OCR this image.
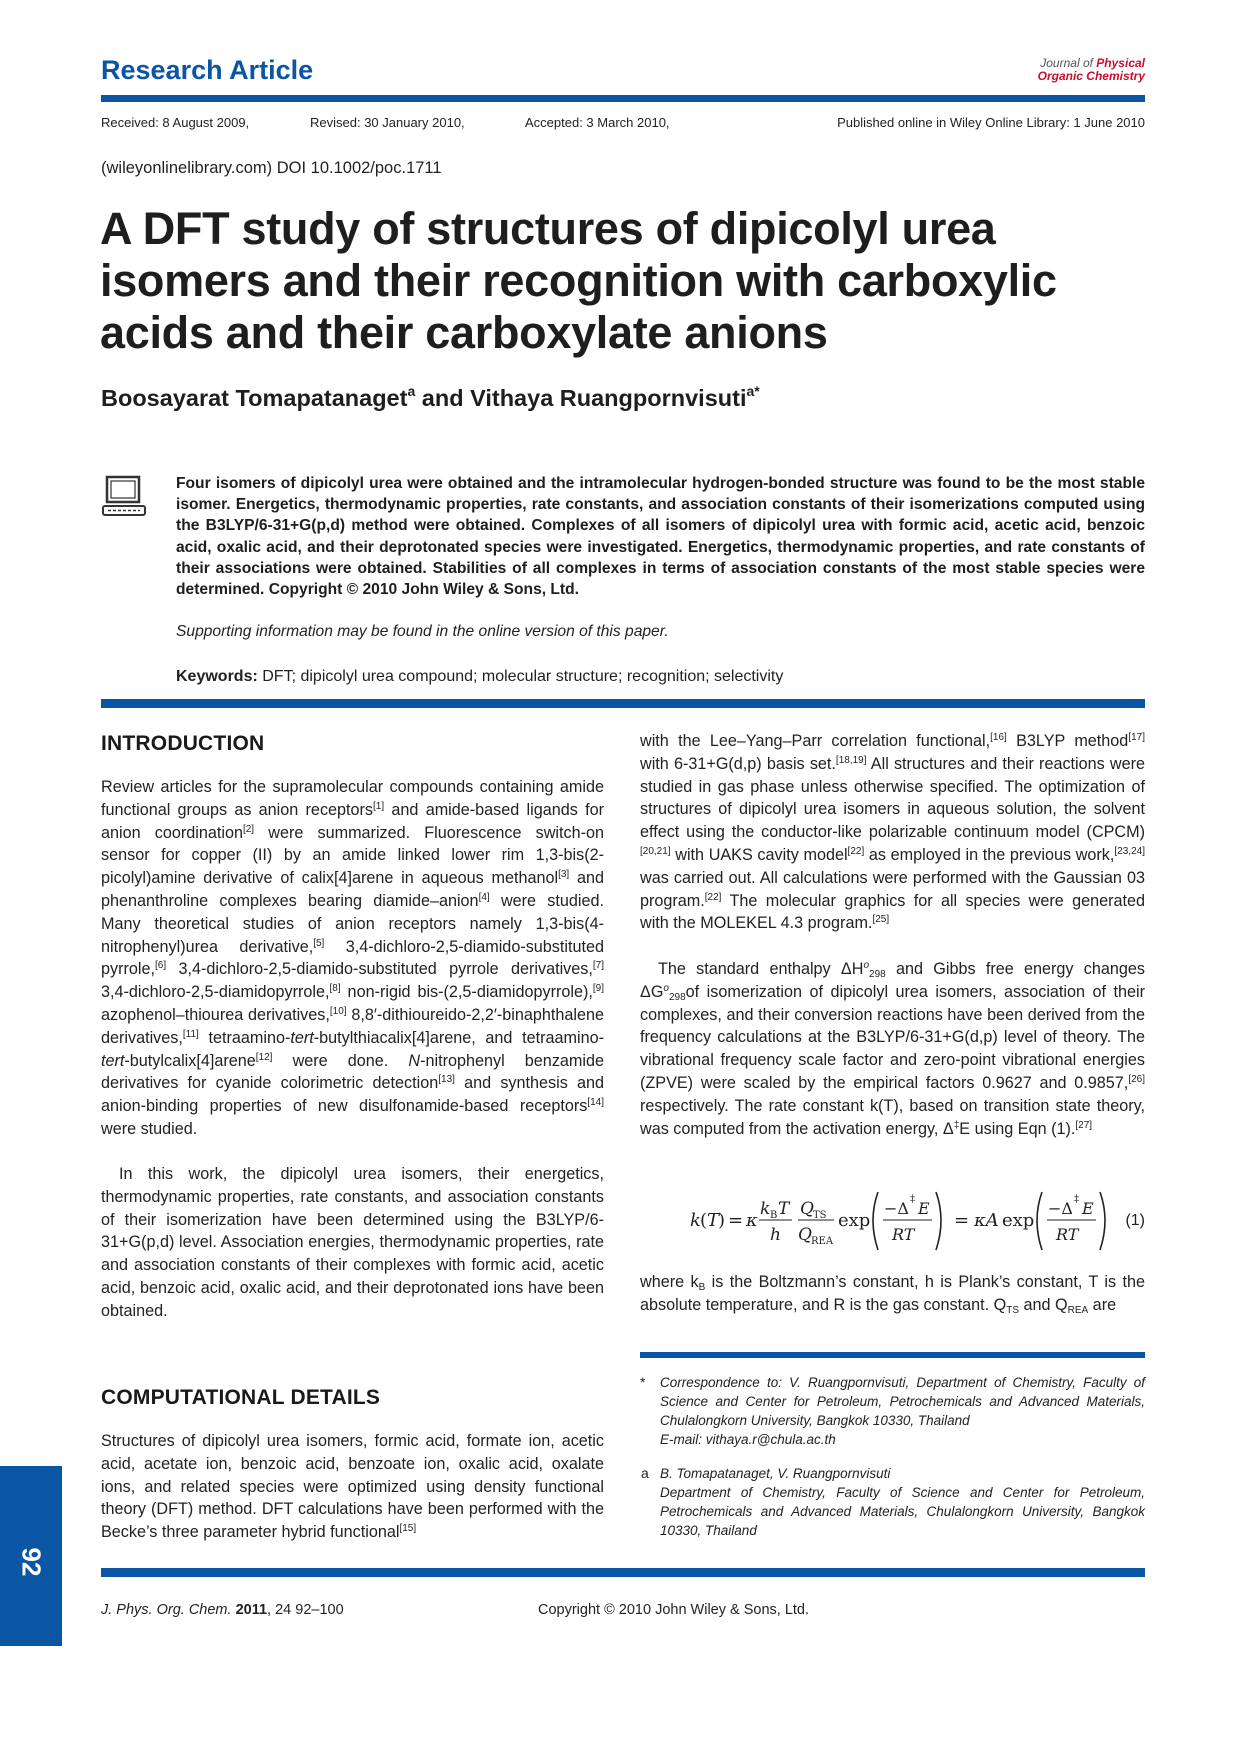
Research Article	Journal of Physical
Organic Chemistry
Received: 8 August 2009,	Revised: 30 January 2010,	Accepted: 3 March 2010,	Published online in Wiley Online Library: 1 June 2010
(wileyonlinelibrary.com) DOI 10.1002/poc.1711
A DFT study of structures of dipicolyl urea
isomers and their recognition with carboxylic
acids and their carboxylate anions
Boosayarat Tomapatanaget$^a$ and Vithaya Ruangpornvisuti$^{a*}$
Four isomers of dipicolyl urea were obtained and the intramolecular hydrogen-bonded structure was found to be the most stable isomer. Energetics, thermodynamic properties, rate constants, and association constants of their isomerizations computed using the B3LYP/6-31+G(p,d) method were obtained. Complexes of all isomers of dipicolyl urea with formic acid, acetic acid, benzoic acid, oxalic acid, and their deprotonated species were investigated. Energetics, thermodynamic properties, and rate constants of their associations were obtained. Stabilities of all complexes in terms of association constants of the most stable species were determined. Copyright © 2010 John Wiley & Sons, Ltd.
Supporting information may be found in the online version of this paper.
Keywords: DFT; dipicolyl urea compound; molecular structure; recognition; selectivity
INTRODUCTION

Review articles for the supramolecular compounds containing amide functional groups as anion receptors[1] and amide-based ligands for anion coordination[2] were summarized. Fluorescence switch-on sensor for copper (II) by an amide linked lower rim 1,3-bis(2-picolyl)amine derivative of calix[4]arene in aqueous methanol[3] and phenanthroline complexes bearing diamide–anion[4] were studied. Many theoretical studies of anion receptors namely 1,3-bis(4-nitrophenyl)urea derivative,[5] 3,4-dichloro-2,5-diamido-substituted pyrrole,[6] 3,4-dichloro-2,5-diamido-substituted pyrrole derivatives,[7] 3,4-dichloro-2,5-diamidopyrrole,[8] non-rigid bis-(2,5-diamidopyrrole),[9] azophenol–thiourea derivatives,[10] 8,8′-dithioureido-2,2′-binaphthalene derivatives,[11] tetraamino-tert-butylthiacalix[4]arene, and tetraamino-tert-butylcalix[4]arene[12] were done. N-nitrophenyl benzamide derivatives for cyanide colorimetric detection[13] and synthesis and anion-binding properties of new disulfonamide-based receptors[14] were studied.

In this work, the dipicolyl urea isomers, their energetics, thermodynamic properties, rate constants, and association constants of their isomerization have been determined using the B3LYP/6-31+G(p,d) level. Association energies, thermodynamic properties, rate and association constants of their complexes with formic acid, acetic acid, benzoic acid, oxalic acid, and their deprotonated ions have been obtained.

COMPUTATIONAL DETAILS

Structures of dipicolyl urea isomers, formic acid, formate ion, acetic acid, acetate ion, benzoic acid, benzoate ion, oxalic acid, oxalate ions, and related species were optimized using density functional theory (DFT) method. DFT calculations have been performed with the Becke’s three parameter hybrid functional[15]

with the Lee–Yang–Parr correlation functional,[16] B3LYP method[17] with 6-31+G(d,p) basis set.[18,19] All structures and their reactions were studied in gas phase unless otherwise specified. The optimization of structures of dipicolyl urea isomers in aqueous solution, the solvent effect using the conductor-like polarizable continuum model (CPCM)[20,21] with UAKS cavity model[22] as employed in the previous work,[23,24] was carried out. All calculations were performed with the Gaussian 03 program.[22] The molecular graphics for all species were generated with the MOLEKEL 4.3 program.[25]

The standard enthalpy $\Delta H^o_{298}$ and Gibbs free energy changes $\Delta G^o_{298}of$ isomerization of dipicolyl urea isomers, association of their complexes, and their conversion reactions have been derived from the frequency calculations at the B3LYP/6-31+G(d,p) level of theory. The vibrational frequency scale factor and zero-point vibrational energies (ZPVE) were scaled by the empirical factors 0.9627 and 0.9857,[26] respectively. The rate constant k(T), based on transition state theory, was computed from the activation energy, Δ‡E using Eqn (1).[27]

k ( T
) = κ
k B T
h
Q TS
Q REA
exp
−Δ ‡ E
RT
= κA exp
−Δ ‡ E
RT
(1)

where $k_B$ is the Boltzmann’s constant, h is Plank’s constant, T is the absolute temperature, and R is the gas constant. $Q_{TS}$ and $Q_{REA}$ are

* Correspondence to: V. Ruangpornvisuti, Department of Chemistry, Faculty of Science and Center for Petroleum, Petrochemicals and Advanced Materials, Chulalongkorn University, Bangkok 10330, Thailand
E-mail: vithaya.r@chula.ac.th
a B. Tomapatanaget, V. Ruangpornvisuti
Department of Chemistry, Faculty of Science and Center for Petroleum, Petrochemicals and Advanced Materials, Chulalongkorn University, Bangkok 10330, Thailand
J. Phys. Org. Chem. 2011, 24 92–100	Copyright © 2010 John Wiley & Sons, Ltd.
92
